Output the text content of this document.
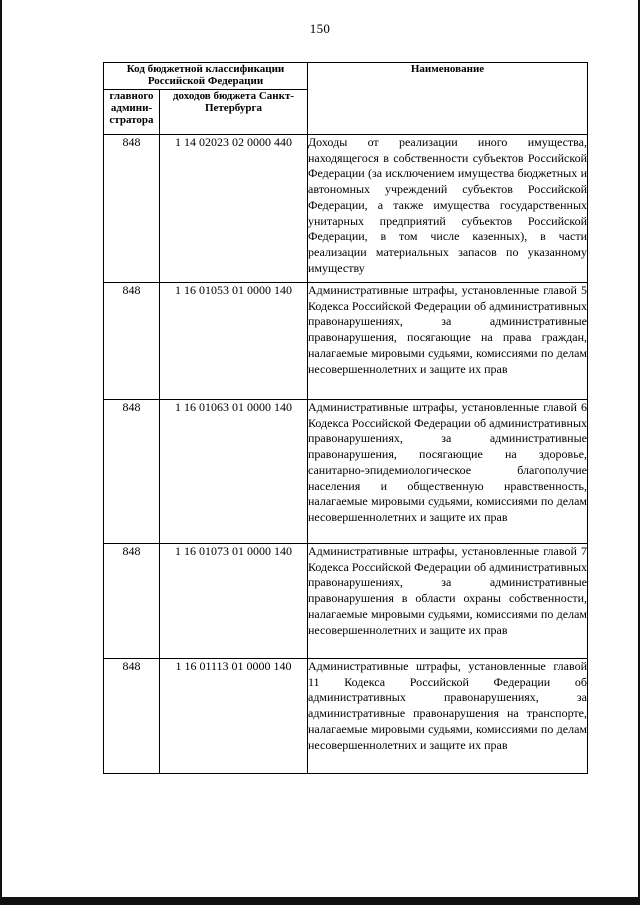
150
Код бюджетной классификации Российской Федерации		Наименование
главного админи-стратора	доходов бюджета Санкт-Петербурга	
848	1 14 02023 02 0000 440	Доходы от реализации иного имущества, находящегося в собственности субъектов Российской Федерации (за исключением имущества бюджетных и автономных учреждений субъектов Российской Федерации, а также имущества государственных унитарных предприятий субъектов Российской Федерации, в том числе казенных), в части реализации материальных запасов по указанному имуществу
848	1 16 01053 01 0000 140	Административные штрафы, установленные главой 5 Кодекса Российской Федерации об административных правонарушениях, за административные правонарушения, посягающие на права граждан, налагаемые мировыми судьями, комиссиями по делам несовершеннолетних и защите их прав
848	1 16 01063 01 0000 140	Административные штрафы, установленные главой 6 Кодекса Российской Федерации об административных правонарушениях, за административные правонарушения, посягающие на здоровье, санитарно-эпидемиологическое благополучие населения и общественную нравственность, налагаемые мировыми судьями, комиссиями по делам несовершеннолетних и защите их прав
848	1 16 01073 01 0000 140	Административные штрафы, установленные главой 7 Кодекса Российской Федерации об административных правонарушениях, за административные правонарушения в области охраны собственности, налагаемые мировыми судьями, комиссиями по делам несовершеннолетних и защите их прав
848	1 16 01113 01 0000 140	Административные штрафы, установленные главой 11 Кодекса Российской Федерации об административных правонарушениях, за административные правонарушения на транспорте, налагаемые мировыми судьями, комиссиями по делам несовершеннолетних и защите их прав
